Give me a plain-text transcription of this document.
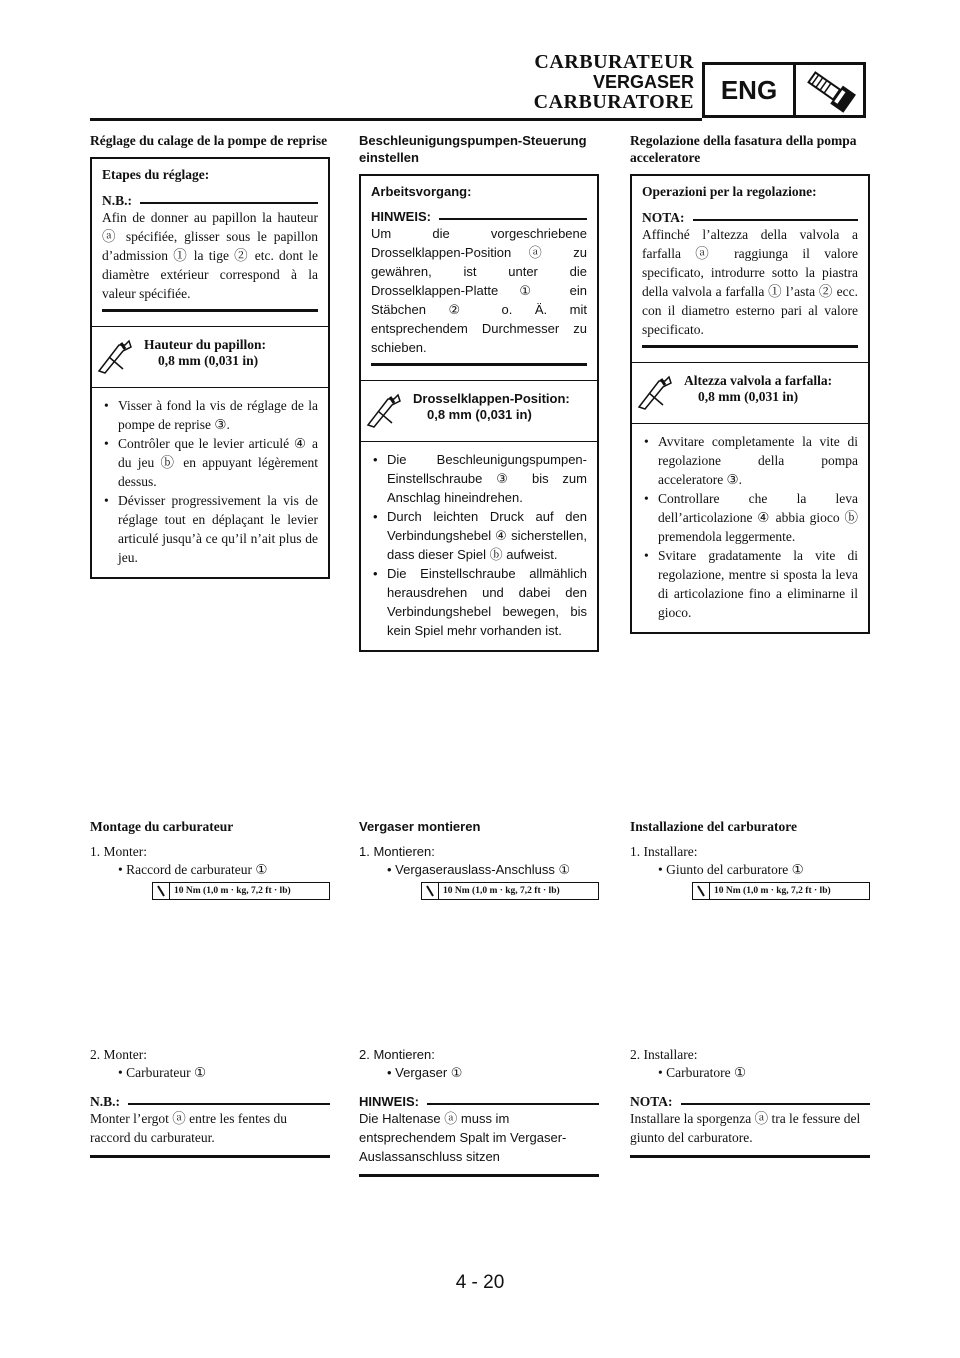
CARBURATEUR
VERGASER
CARBURATORE	ENG
Réglage du calage de la pompe de reprise
Etapes du réglage:
N.B.:
Afin de donner au papillon la hauteur ⓐ spécifiée, glisser sous le papillon d’admission ① la tige ② etc. dont le diamètre extérieur correspond à la valeur spécifiée.
Hauteur du papillon:
0,8 mm (0,031 in)
• Visser à fond la vis de réglage de la pompe de reprise ③.
• Contrôler que le levier articulé ④ a du jeu ⓑ en appuyant légèrement dessus.
• Dévisser progressivement la vis de réglage tout en déplaçant le levier articulé jusqu’à ce qu’il n’ait plus de jeu.
Beschleunigungspumpen-Steuerung einstellen
Arbeitsvorgang:
HINWEIS:
Um die vorgeschriebene Drosselklappen-Position ⓐ zu gewähren, ist unter die Drosselklappen-Platte ① ein Stäbchen ② o. Ä. mit entsprechendem Durchmesser zu schieben.
Drosselklappen-Position:
0,8 mm (0,031 in)
• Die Beschleunigungspumpen-Einstellschraube ③ bis zum Anschlag hineindrehen.
• Durch leichten Druck auf den Verbindungshebel ④ sicherstellen, dass dieser Spiel ⓑ aufweist.
• Die Einstellschraube allmählich herausdrehen und dabei den Verbindungshebel bewegen, bis kein Spiel mehr vorhanden ist.
Regolazione della fasatura della pompa acceleratore
Operazioni per la regolazione:
NOTA:
Affinché l’altezza della valvola a farfalla ⓐ raggiunga il valore specificato, introdurre sotto la piastra della valvola a farfalla ① l’asta ② ecc. con il diametro esterno pari al valore specificato.
Altezza valvola a farfalla:
0,8 mm (0,031 in)
• Avvitare completamente la vite di regolazione della pompa acceleratore ③.
• Controllare che la leva dell’articolazione ④ abbia gioco ⓑ premendola leggermente.
• Svitare gradatamente la vite di regolazione, mentre si sposta la leva di articolazione fino a eliminarne il gioco.
Montage du carburateur
1. Monter:
• Raccord de carburateur ①
10 Nm (1,0 m · kg, 7,2 ft · lb)
Vergaser montieren
1. Montieren:
• Vergaserauslass-Anschluss ①
10 Nm (1,0 m · kg, 7,2 ft · lb)
Installazione del carburatore
1. Installare:
• Giunto del carburatore ①
10 Nm (1,0 m · kg, 7,2 ft · lb)
2. Monter:
• Carburateur ①
N.B.:
Monter l’ergot ⓐ entre les fentes du raccord du carburateur.
2. Montieren:
• Vergaser ①
HINWEIS:
Die Haltenase ⓐ muss im entsprechendem Spalt im Vergaser-Auslassanschluss sitzen
2. Installare:
• Carburatore ①
NOTA:
Installare la sporgenza ⓐ tra le fessure del giunto del carburatore.
4 - 20
